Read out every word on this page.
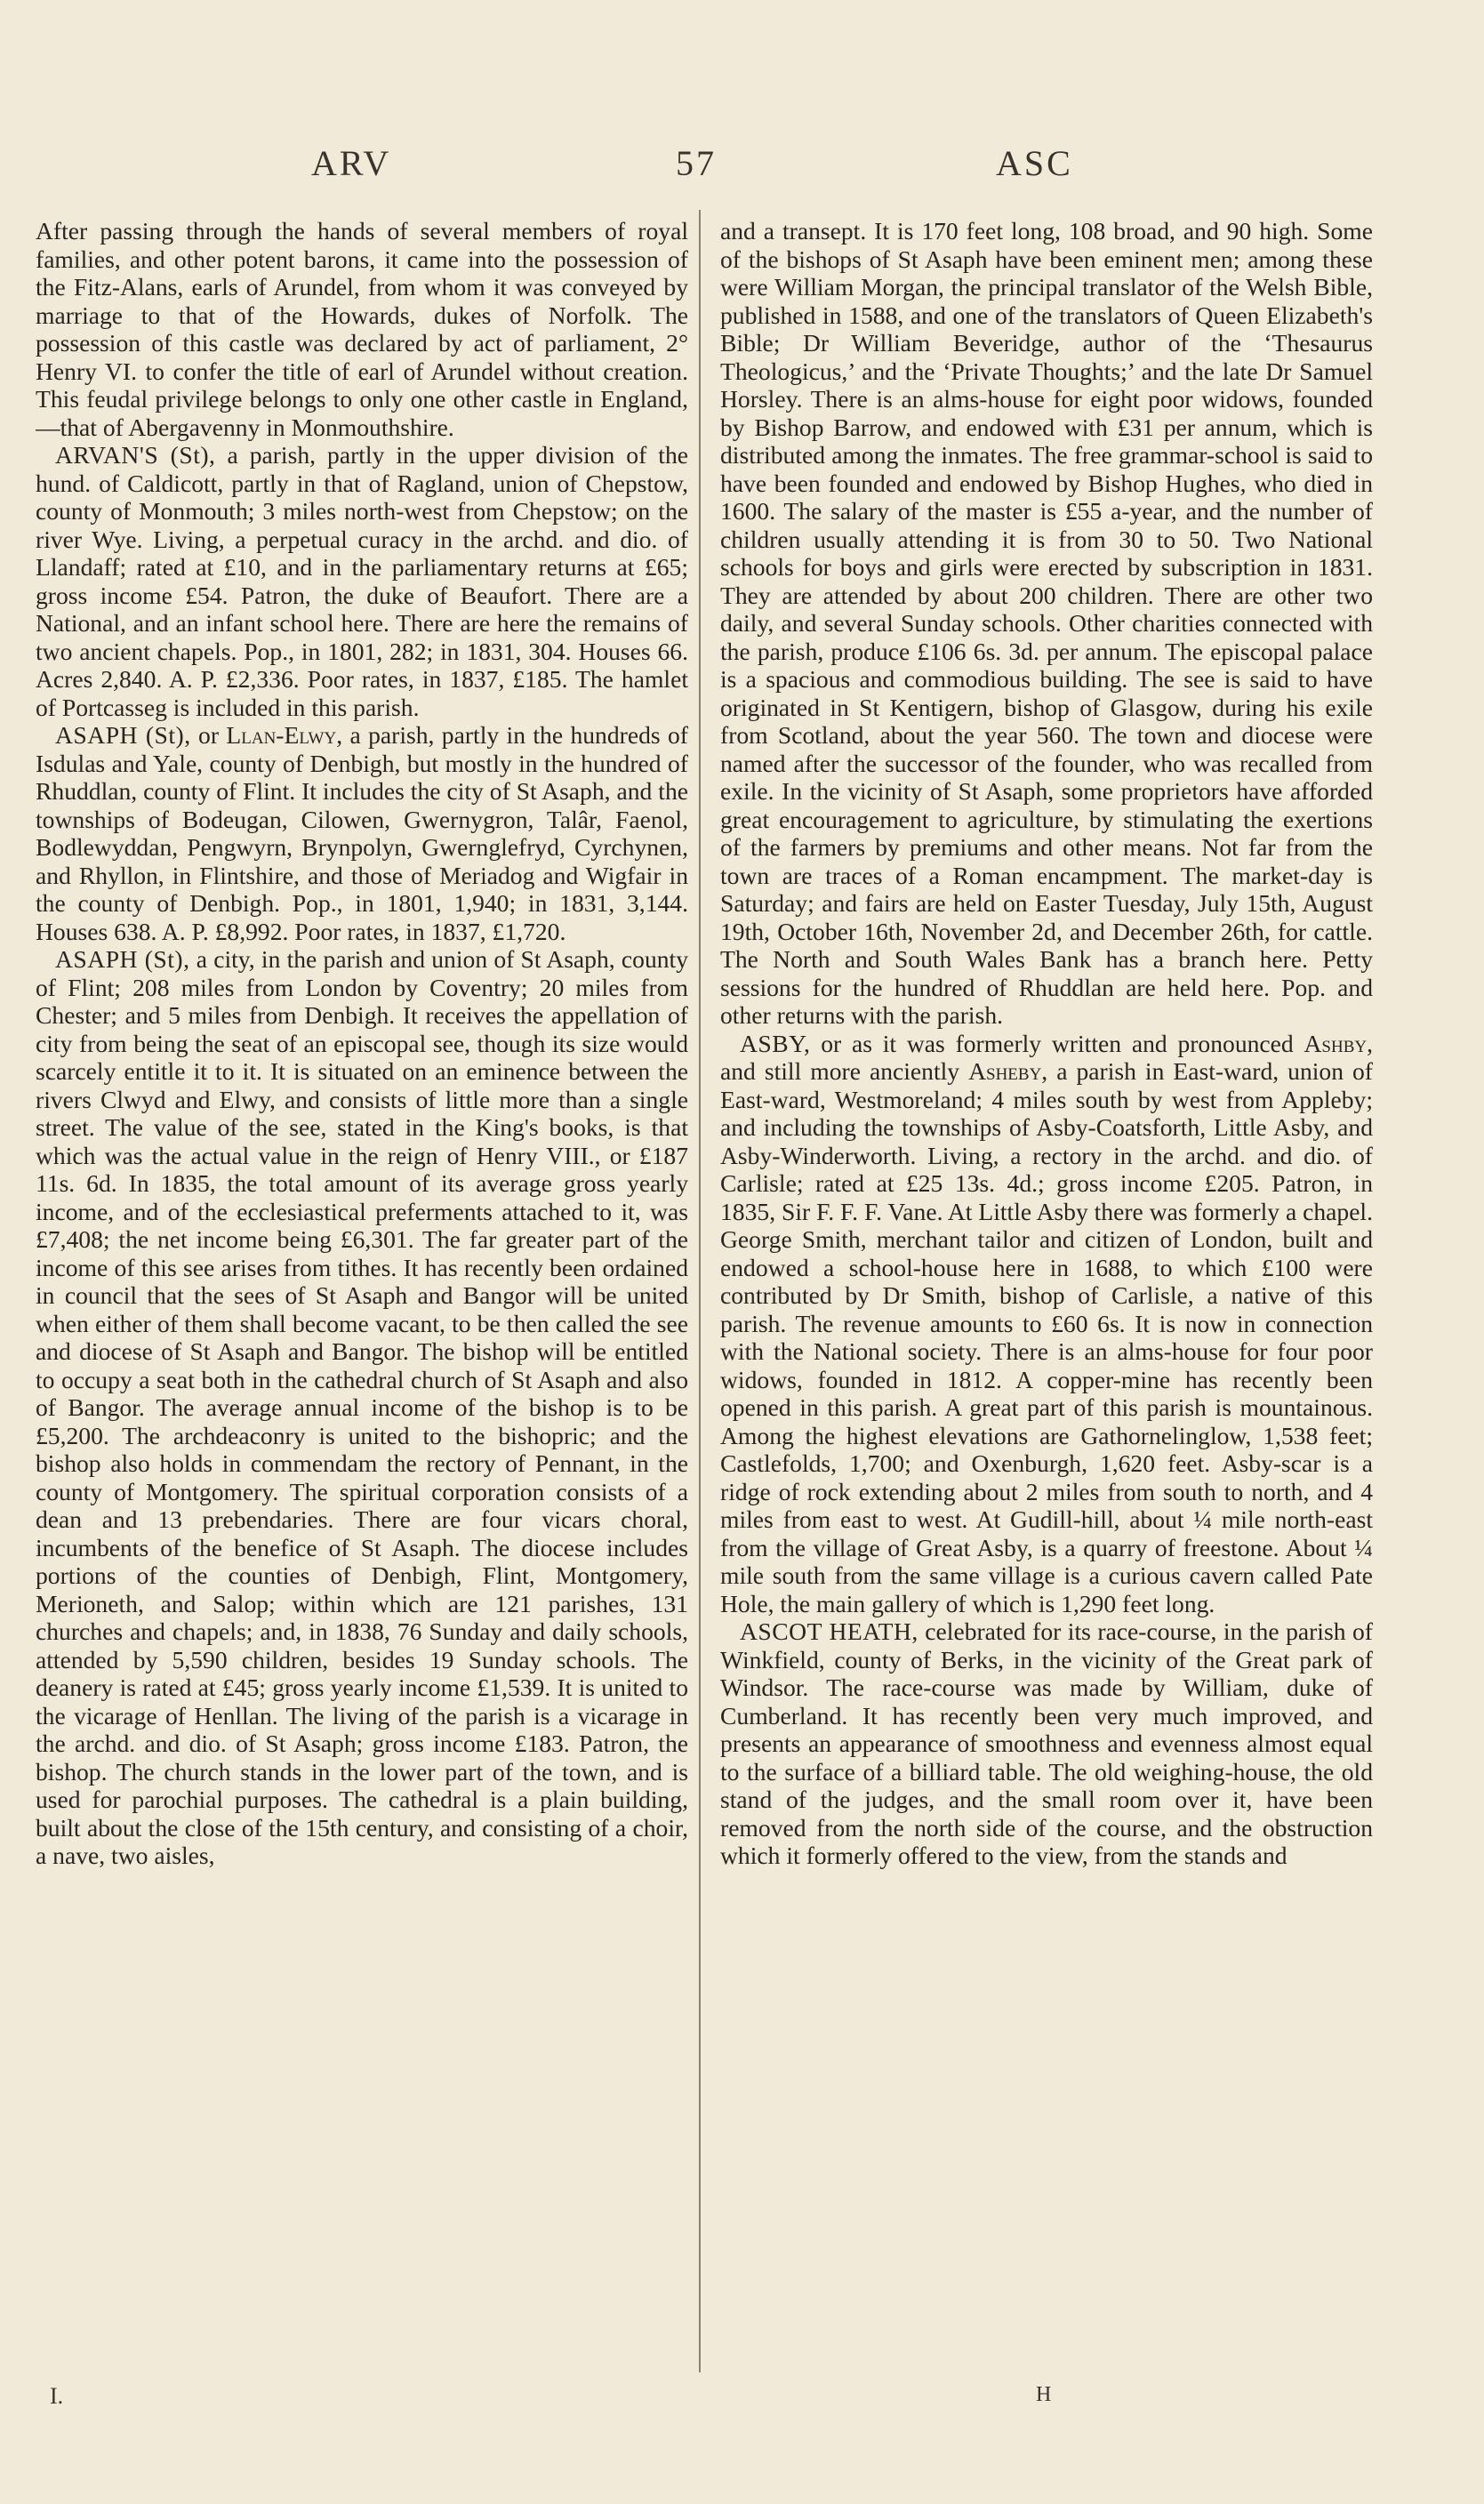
ARV	57	ASC

After passing through the hands of several members of royal families, and other potent barons, it came into the possession of the Fitz-Alans, earls of Arundel, from whom it was conveyed by marriage to that of the Howards, dukes of Norfolk. The possession of this castle was declared by act of parliament, 2° Henry VI. to confer the title of earl of Arundel without creation. This feudal privilege belongs to only one other castle in England,—that of Abergavenny in Monmouthshire.

ARVAN'S (St), a parish, partly in the upper division of the hund. of Caldicott, partly in that of Ragland, union of Chepstow, county of Monmouth; 3 miles north-west from Chepstow; on the river Wye. Living, a perpetual curacy in the archd. and dio. of Llandaff; rated at £10, and in the parliamentary returns at £65; gross income £54. Patron, the duke of Beaufort. There are a National, and an infant school here. There are here the remains of two ancient chapels. Pop., in 1801, 282; in 1831, 304. Houses 66. Acres 2,840. A. P. £2,336. Poor rates, in 1837, £185. The hamlet of Portcasseg is included in this parish.

ASAPH (St), or Llan-Elwy, a parish, partly in the hundreds of Isdulas and Yale, county of Denbigh, but mostly in the hundred of Rhuddlan, county of Flint. It includes the city of St Asaph, and the townships of Bodeugan, Cilowen, Gwernygron, Talâr, Faenol, Bodlewyddan, Pengwyrn, Brynpolyn, Gwernglefryd, Cyrchynen, and Rhyllon, in Flintshire, and those of Meriadog and Wigfair in the county of Denbigh. Pop., in 1801, 1,940; in 1831, 3,144. Houses 638. A. P. £8,992. Poor rates, in 1837, £1,720.

ASAPH (St), a city, in the parish and union of St Asaph, county of Flint; 208 miles from London by Coventry; 20 miles from Chester; and 5 miles from Denbigh. It receives the appellation of city from being the seat of an episcopal see, though its size would scarcely entitle it to it. It is situated on an eminence between the rivers Clwyd and Elwy, and consists of little more than a single street. The value of the see, stated in the King's books, is that which was the actual value in the reign of Henry VIII., or £187 11s. 6d. In 1835, the total amount of its average gross yearly income, and of the ecclesiastical preferments attached to it, was £7,408; the net income being £6,301. The far greater part of the income of this see arises from tithes. It has recently been ordained in council that the sees of St Asaph and Bangor will be united when either of them shall become vacant, to be then called the see and diocese of St Asaph and Bangor. The bishop will be entitled to occupy a seat both in the cathedral church of St Asaph and also of Bangor. The average annual income of the bishop is to be £5,200. The archdeaconry is united to the bishopric; and the bishop also holds in commendam the rectory of Pennant, in the county of Montgomery. The spiritual corporation consists of a dean and 13 prebendaries. There are four vicars choral, incumbents of the benefice of St Asaph. The diocese includes portions of the counties of Denbigh, Flint, Montgomery, Merioneth, and Salop; within which are 121 parishes, 131 churches and chapels; and, in 1838, 76 Sunday and daily schools, attended by 5,590 children, besides 19 Sunday schools. The deanery is rated at £45; gross yearly income £1,539. It is united to the vicarage of Henllan. The living of the parish is a vicarage in the archd. and dio. of St Asaph; gross income £183. Patron, the bishop. The church stands in the lower part of the town, and is used for parochial purposes. The cathedral is a plain building, built about the close of the 15th century, and consisting of a choir, a nave, two aisles,

and a transept. It is 170 feet long, 108 broad, and 90 high. Some of the bishops of St Asaph have been eminent men; among these were William Morgan, the principal translator of the Welsh Bible, published in 1588, and one of the translators of Queen Elizabeth's Bible; Dr William Beveridge, author of the ‘Thesaurus Theologicus,’ and the ‘Private Thoughts;’ and the late Dr Samuel Horsley. There is an alms-house for eight poor widows, founded by Bishop Barrow, and endowed with £31 per annum, which is distributed among the inmates. The free grammar-school is said to have been founded and endowed by Bishop Hughes, who died in 1600. The salary of the master is £55 a-year, and the number of children usually attending it is from 30 to 50. Two National schools for boys and girls were erected by subscription in 1831. They are attended by about 200 children. There are other two daily, and several Sunday schools. Other charities connected with the parish, produce £106 6s. 3d. per annum. The episcopal palace is a spacious and commodious building. The see is said to have originated in St Kentigern, bishop of Glasgow, during his exile from Scotland, about the year 560. The town and diocese were named after the successor of the founder, who was recalled from exile. In the vicinity of St Asaph, some proprietors have afforded great encouragement to agriculture, by stimulating the exertions of the farmers by premiums and other means. Not far from the town are traces of a Roman encampment. The market-day is Saturday; and fairs are held on Easter Tuesday, July 15th, August 19th, October 16th, November 2d, and December 26th, for cattle. The North and South Wales Bank has a branch here. Petty sessions for the hundred of Rhuddlan are held here. Pop. and other returns with the parish.

ASBY, or as it was formerly written and pronounced Ashby, and still more anciently Asheby, a parish in East-ward, union of East-ward, Westmoreland; 4 miles south by west from Appleby; and including the townships of Asby-Coatsforth, Little Asby, and Asby-Winderworth. Living, a rectory in the archd. and dio. of Carlisle; rated at £25 13s. 4d.; gross income £205. Patron, in 1835, Sir F. F. F. Vane. At Little Asby there was formerly a chapel. George Smith, merchant tailor and citizen of London, built and endowed a school-house here in 1688, to which £100 were contributed by Dr Smith, bishop of Carlisle, a native of this parish. The revenue amounts to £60 6s. It is now in connection with the National society. There is an alms-house for four poor widows, founded in 1812. A copper-mine has recently been opened in this parish. A great part of this parish is mountainous. Among the highest elevations are Gathornelinglow, 1,538 feet; Castlefolds, 1,700; and Oxenburgh, 1,620 feet. Asby-scar is a ridge of rock extending about 2 miles from south to north, and 4 miles from east to west. At Gudill-hill, about ¼ mile north-east from the village of Great Asby, is a quarry of freestone. About ¼ mile south from the same village is a curious cavern called Pate Hole, the main gallery of which is 1,290 feet long.

ASCOT HEATH, celebrated for its race-course, in the parish of Winkfield, county of Berks, in the vicinity of the Great park of Windsor. The race-course was made by William, duke of Cumberland. It has recently been very much improved, and presents an appearance of smoothness and evenness almost equal to the surface of a billiard table. The old weighing-house, the old stand of the judges, and the small room over it, have been removed from the north side of the course, and the obstruction which it formerly offered to the view, from the stands and

I.	H
